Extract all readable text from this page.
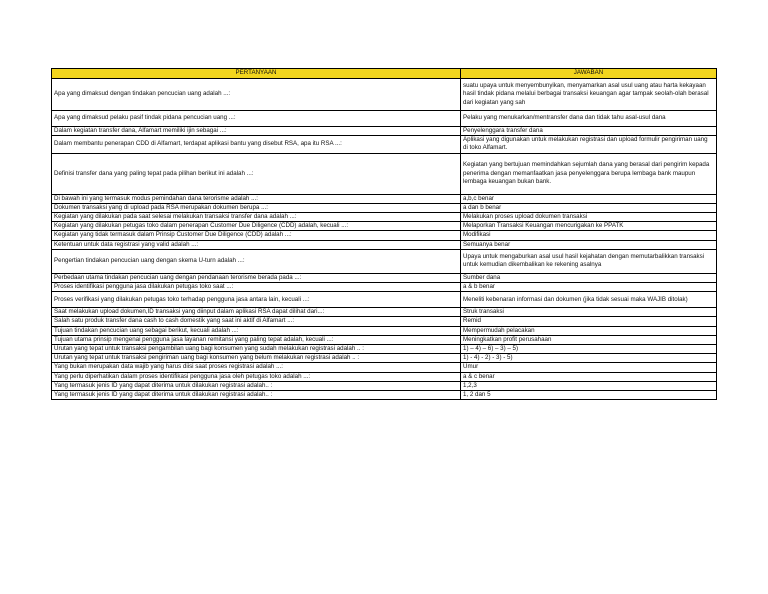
PERTANYAAN	JAWABAN
Apa yang dimaksud dengan tindakan pencucian uang adalah ...:	suatu upaya untuk menyembunyikan, menyamarkan asal usul uang atau harta kekayaan hasil tindak pidana melalui berbagai transaksi keuangan agar tampak seolah-olah berasal dari kegiatan yang sah
Apa yang dimaksud pelaku pasif tindak pidana pencucian uang ...:	Pelaku yang menukarkan/mentransfer dana dan tidak tahu asal-usul dana
Dalam kegiatan transfer dana, Alfamart memiliki ijin sebagai ...:	Penyelenggara transfer dana
Dalam membantu penerapan CDD di Alfamart, terdapat aplikasi bantu yang disebut RSA, apa itu RSA ...:	Aplikasi yang digunakan untuk melakukan registrasi dan upload formulir pengiriman uang di toko Alfamart.
Definisi transfer dana yang paling tepat pada pilihan berikut ini adalah ...:	Kegiatan yang bertujuan memindahkan sejumlah dana yang berasal dari pengirim kepada penerima dengan memanfaatkan jasa penyelenggara berupa lembaga bank maupun lembaga keuangan bukan bank.
Di bawah ini yang termasuk modus pemindahan dana terorisme adalah ...:	a,b,c benar
Dokumen transaksi yang di upload pada RSA merupakan dokumen berupa ...:	a dan b benar
Kegiatan yang dilakukan pada saat selesai melakukan transaksi transfer dana adalah ...:	Melakukan proses upload dokumen transaksi
Kegiatan yang dilakukan petugas toko dalam penerapan Customer Due Diligence (CDD) adalah, kecuali ...:	Melaporkan Transaksi Keuangan mencurigakan ke PPATK
Kegiatan yang tidak termasuk dalam Prinsip Customer Due Diligence (CDD) adalah ...:	Modifikasi
Ketentuan untuk data registrasi yang valid adalah ...:	Semuanya benar
Pengertian tindakan pencucian uang dengan skema U-turn adalah ...:	Upaya untuk mengaburkan asal usul hasil kejahatan dengan memutarbalikkan transaksi untuk kemudian dikembalikan ke rekening asalnya
Perbedaan utama tindakan pencucian uang dengan pendanaan terorisme berada pada ...:	Sumber dana
Proses identifikasi pengguna jasa dilakukan petugas toko saat ...:	a & b benar
Proses verifikasi yang dilakukan petugas toko terhadap pengguna jasa antara lain, kecuali ...:	Meneliti kebenaran informasi dan dokumen (jika tidak sesuai maka WAJIB ditolak)
Saat melakukan upload dokumen,ID transaksi yang diinput dalam aplikasi RSA dapat dilihat dari...:	Struk transaksi
Salah satu produk transfer dana cash to cash domestik yang saat ini aktif di Alfamart ...:	Remid
Tujuan tindakan pencucian uang sebagai berikut, kecuali adalah ...:	Mempermudah pelacakan
Tujuan utama prinsip mengenai pengguna jasa layanan remitansi yang paling tepat adalah, kecuali ...:	Meningkatkan profit perusahaan
Urutan yang tepat untuk transaksi pengambilan uang bagi konsumen yang sudah melakukan registrasi adalah .. :	1) – 4) – 6) – 3) – 5)
Urutan yang tepat untuk transaksi pengiriman uang bagi konsumen yang belum melakukan registrasi adalah .. :	1) - 4) - 2) - 3) - 5)
Yang bukan merupakan data wajib yang harus diisi saat proses registrasi adalah ...:	Umur
Yang perlu diperhatikan dalam proses identifikasi pengguna jasa oleh petugas toko adalah ...:	a & c benar
Yang termasuk jenis ID yang dapat diterima untuk dilakukan registrasi adalah.. :	1,2,3
Yang termasuk jenis ID yang dapat diterima untuk dilakukan registrasi adalah.. :	1, 2 dan 5
